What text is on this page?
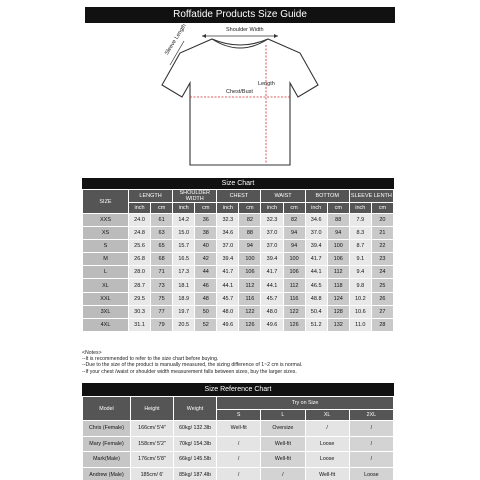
Roffatide Products Size Guide
Shoulder Width
Sleeve Length
Chest/Bust
Length
Size Chart
SIZE	LENGTH		SHOULDER WIDTH		CHEST		WAIST		BOTTOM		SLEEVE LENTH	
	inch	cm	inch	cm	inch	cm	inch	cm	inch	cm	inch	cm
XXS	24.0	61	14.2	36	32.3	82	32.3	82	34.6	88	7.9	20
XS	24.8	63	15.0	38	34.6	88	37.0	94	37.0	94	8.3	21
S	25.6	65	15.7	40	37.0	94	37.0	94	39.4	100	8.7	22
M	26.8	68	16.5	42	39.4	100	39.4	100	41.7	106	9.1	23
L	28.0	71	17.3	44	41.7	106	41.7	106	44.1	112	9.4	24
XL	28.7	73	18.1	46	44.1	112	44.1	112	46.5	118	9.8	25
XXL	29.5	75	18.9	48	45.7	116	45.7	116	48.8	124	10.2	26
3XL	30.3	77	19.7	50	48.0	122	48.0	122	50.4	128	10.6	27
4XL	31.1	79	20.5	52	49.6	126	49.6	126	51.2	132	11.0	28
<Notes>
--It is recommended to refer to the size chart before buying.
--Due to the size of the product is manually measured, the sizing difference of 1~2 cm is normal.
--If your chest /waist or shoulder width measurement falls between sizes, buy the larger sizes.
Size Reference Chart
Model	Height	Weight	Try on Size			
			S	L	XL	2XL
Chris (Female)	166cm/ 5'4"	60kg/ 132.3lb	Well-fit	Oversize	/	/
Mary (Female)	158cm/ 5'2"	70kg/ 154.3lb	/	Well-fit	Loose	/
Mark(Male)	176cm/ 5'8"	66kg/ 145.5lb	/	Well-fit	Loose	/
Andrew (Male)	185cm/ 6'	85kg/ 187.4lb	/	/	Well-fit	Loose
